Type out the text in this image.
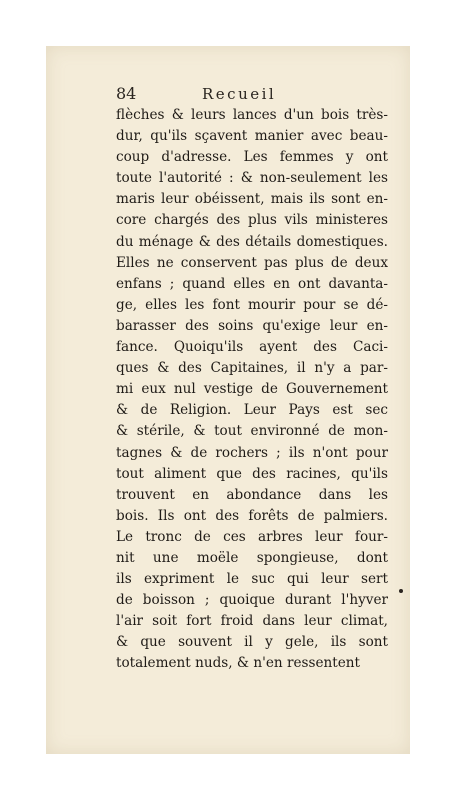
84	Recueil
flèches & leurs lances d'un bois très-
dur, qu'ils sçavent manier avec beau-
coup d'adresse. Les femmes y ont
toute l'autorité : & non-seulement les
maris leur obéissent, mais ils sont en-
core chargés des plus vils ministeres
du ménage & des détails domestiques.
Elles ne conservent pas plus de deux
enfans ; quand elles en ont davanta-
ge, elles les font mourir pour se dé-
barasser des soins qu'exige leur en-
fance. Quoiqu'ils ayent des Caci-
ques & des Capitaines, il n'y a par-
mi eux nul vestige de Gouvernement
& de Religion. Leur Pays est sec
& stérile, & tout environné de mon-
tagnes & de rochers ; ils n'ont pour
tout aliment que des racines, qu'ils
trouvent en abondance dans les
bois. Ils ont des forêts de palmiers.
Le tronc de ces arbres leur four-
nit une moële spongieuse, dont
ils expriment le suc qui leur sert
de boisson ; quoique durant l'hyver
l'air soit fort froid dans leur climat,
& que souvent il y gele, ils sont
totalement nuds, & n'en ressentent
